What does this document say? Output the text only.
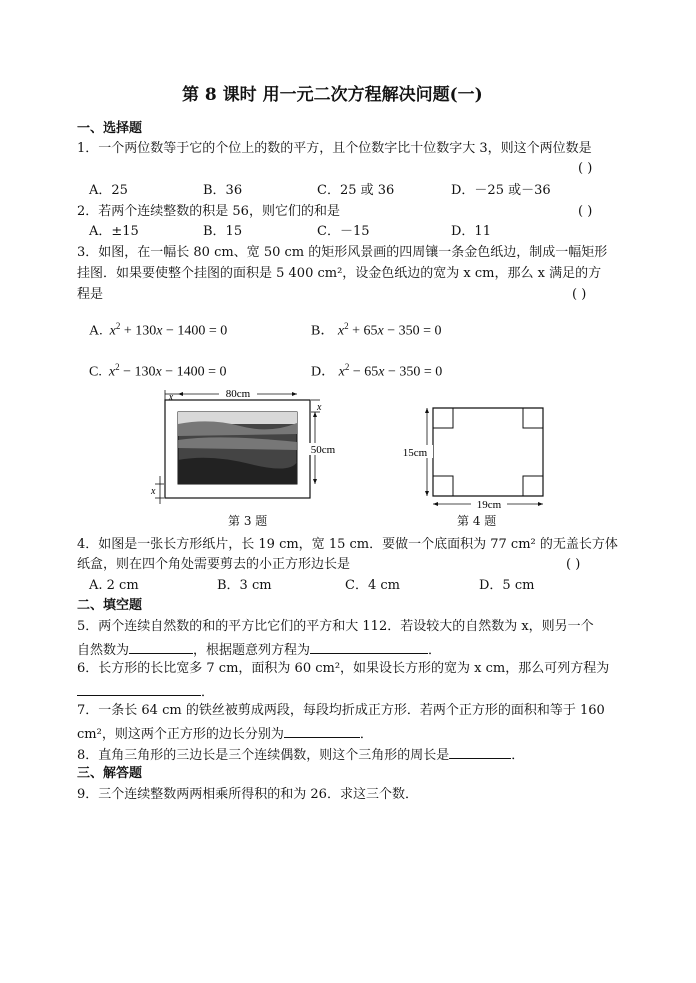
第 8 课时 用一元二次方程解决问题(一)
一、选择题
1．一个两位数等于它的个位上的数的平方，且个位数字比十位数字大 3，则这个两位数是
( )
A．25	B．36	C．25 或 36	D．－25 或－36
2．若两个连续整数的积是 56，则它们的和是	( )
A．±15	B．15	C．－15	D．11
3．如图，在一幅长 80 cm、宽 50 cm 的矩形风景画的四周镶一条金色纸边，制成一幅矩形
挂图．如果要使整个挂图的面积是 5 400 cm²，设金色纸边的宽为 x cm，那么 x 满足的方
程是	( )
A. $x^2 + 130x - 1400 = 0$	B． $x^2 + 65x - 350 = 0$
C. $x^2 - 130x - 1400 = 0$	D． $x^2 - 65x - 350 = 0$
80cm
x
50cm
x
x
第 3 题
15cm
19cm
第 4 题
4．如图是一张长方形纸片，长 19 cm，宽 15 cm．要做一个底面积为 77 cm² 的无盖长方体
纸盒，则在四个角处需要剪去的小正方形边长是	( )
A. 2 cm	B．3 cm	C．4 cm	D．5 cm
二、填空题
5．两个连续自然数的和的平方比它们的平方和大 112．若设较大的自然数为 x，则另一个
自然数为	，根据题意列方程为	．
6．长方形的长比宽多 7 cm，面积为 60 cm²，如果设长方形的宽为 x cm，那么可列方程为
．
7．一条长 64 cm 的铁丝被剪成两段，每段均折成正方形．若两个正方形的面积和等于 160
cm²，则这两个正方形的边长分别为	．
8．直角三角形的三边长是三个连续偶数，则这个三角形的周长是	．
三、解答题
9．三个连续整数两两相乘所得积的和为 26．求这三个数．
